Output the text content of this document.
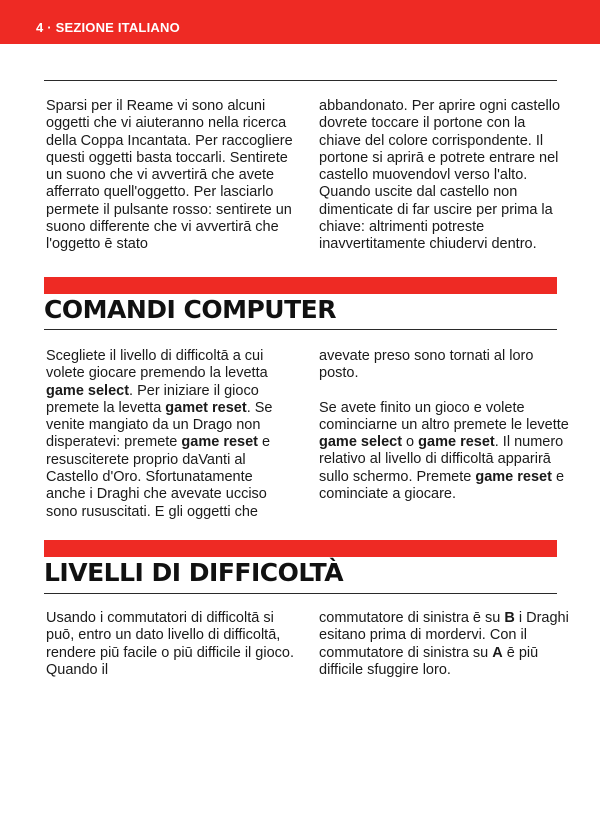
4 · SEZIONE ITALIANO

Sparsi per il Reame vi sono alcuni oggetti che vi aiuteranno nella ricerca della Coppa Incantata. Per raccogliere questi oggetti basta toccarli. Sentirete un suono che vi avvertirā che avete afferrato quell'oggetto. Per lasciarlo permete il pulsante rosso: sentirete un suono differente che vi avvertirā che l'oggetto ē stato

abbandonato. Per aprire ogni castello dovrete toccare il portone con la chiave del colore corrispondente. Il portone si aprirā e potrete entrare nel castello muovendovl verso l'alto. Quando uscite dal castello non dimenticate di far uscire per prima la chiave: altrimenti potreste inavvertitamente chiudervi dentro.

COMANDI COMPUTER

Scegliete il livello di difficoltā a cui volete giocare premendo la levetta game select. Per iniziare il gioco premete la levetta gamet reset. Se venite mangiato da un Drago non disperatevi: premete game reset e resusciterete proprio daVanti al Castello d'Oro. Sfortunatamente anche i Draghi che avevate ucciso sono rususcitati. E gli oggetti che

avevate preso sono tornati al loro posto.

Se avete finito un gioco e volete cominciarne un altro premete le levette game select o game reset. Il numero relativo al livello di difficoltā apparirā sullo schermo. Premete game reset e cominciate a giocare.

LIVELLI DI DIFFICOLTÀ

Usando i commutatori di difficoltā si puō, entro un dato livello di difficoltā, rendere piū facile o piū difficile il gioco. Quando il

commutatore di sinistra ē su B i Draghi esitano prima di mordervi. Con il commutatore di sinistra su A ē piū difficile sfuggire loro.
